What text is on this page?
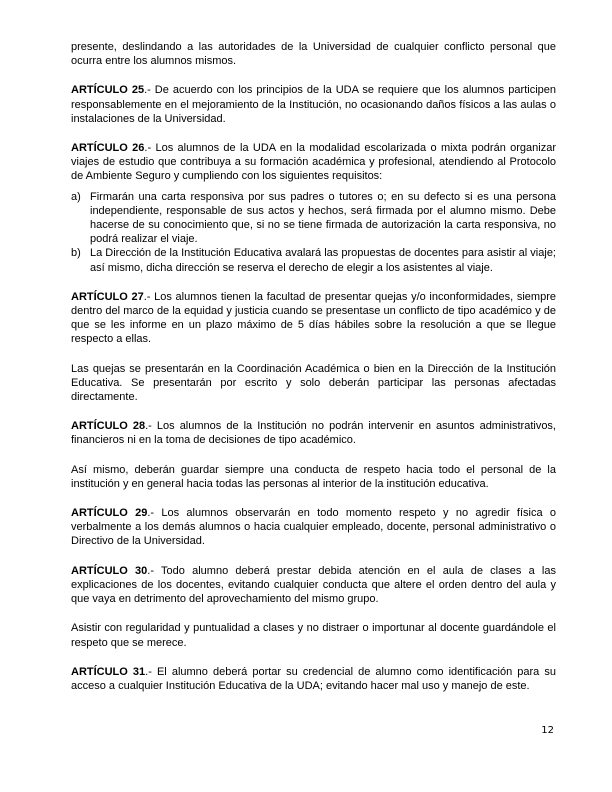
presente, deslindando a las autoridades de la Universidad de cualquier conflicto personal que ocurra entre los alumnos mismos.

ARTÍCULO 25.- De acuerdo con los principios de la UDA se requiere que los alumnos participen responsablemente en el mejoramiento de la Institución, no ocasionando daños físicos a las aulas o instalaciones de la Universidad.

ARTÍCULO 26.- Los alumnos de la UDA en la modalidad escolarizada o mixta podrán organizar viajes de estudio que contribuya a su formación académica y profesional, atendiendo al Protocolo de Ambiente Seguro y cumpliendo con los siguientes requisitos:

a) Firmarán una carta responsiva por sus padres o tutores o; en su defecto si es una persona independiente, responsable de sus actos y hechos, será firmada por el alumno mismo. Debe hacerse de su conocimiento que, si no se tiene firmada de autorización la carta responsiva, no podrá realizar el viaje.
b) La Dirección de la Institución Educativa avalará las propuestas de docentes para asistir al viaje; así mismo, dicha dirección se reserva el derecho de elegir a los asistentes al viaje.

ARTÍCULO 27.- Los alumnos tienen la facultad de presentar quejas y/o inconformidades, siempre dentro del marco de la equidad y justicia cuando se presentase un conflicto de tipo académico y de que se les informe en un plazo máximo de 5 días hábiles sobre la resolución a que se llegue respecto a ellas.

Las quejas se presentarán en la Coordinación Académica o bien en la Dirección de la Institución Educativa. Se presentarán por escrito y solo deberán participar las personas afectadas directamente.

ARTÍCULO 28.- Los alumnos de la Institución no podrán intervenir en asuntos administrativos, financieros ni en la toma de decisiones de tipo académico.

Así mismo, deberán guardar siempre una conducta de respeto hacia todo el personal de la institución y en general hacia todas las personas al interior de la institución educativa.

ARTÍCULO 29.- Los alumnos observarán en todo momento respeto y no agredir física o verbalmente a los demás alumnos o hacia cualquier empleado, docente, personal administrativo o Directivo de la Universidad.

ARTÍCULO 30.- Todo alumno deberá prestar debida atención en el aula de clases a las explicaciones de los docentes, evitando cualquier conducta que altere el orden dentro del aula y que vaya en detrimento del aprovechamiento del mismo grupo.

Asistir con regularidad y puntualidad a clases y no distraer o importunar al docente guardándole el respeto que se merece.

ARTÍCULO 31.- El alumno deberá portar su credencial de alumno como identificación para su acceso a cualquier Institución Educativa de la UDA; evitando hacer mal uso y manejo de este.

12
